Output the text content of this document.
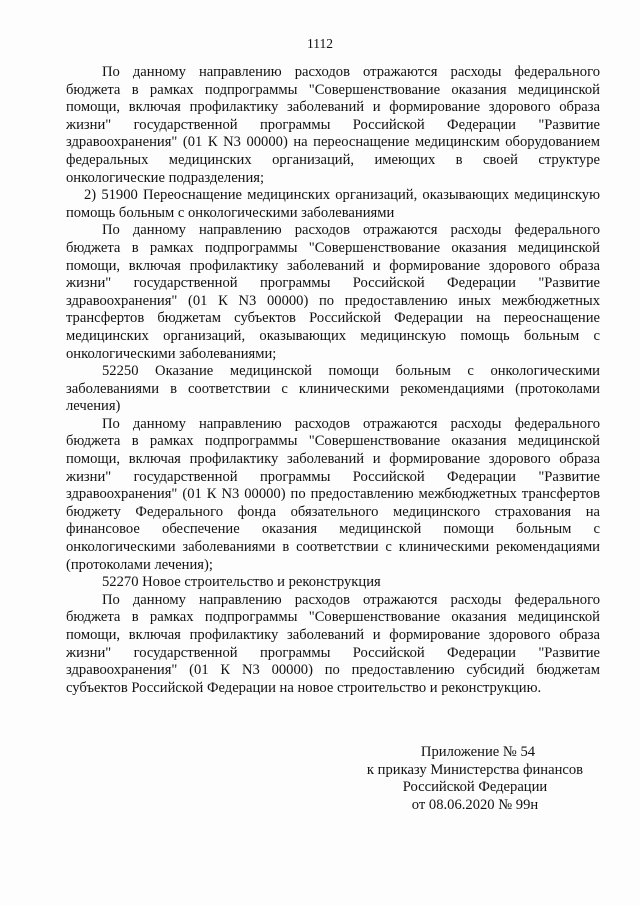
1112

По данному направлению расходов отражаются расходы федерального бюджета в рамках подпрограммы "Совершенствование оказания медицинской помощи, включая профилактику заболеваний и формирование здорового образа жизни" государственной программы Российской Федерации "Развитие здравоохранения" (01 К N3 00000) на переоснащение медицинским оборудованием федеральных медицинских организаций, имеющих в своей структуре онкологические подразделения;

2) 51900 Переоснащение медицинских организаций, оказывающих медицинскую помощь больным с онкологическими заболеваниями

По данному направлению расходов отражаются расходы федерального бюджета в рамках подпрограммы "Совершенствование оказания медицинской помощи, включая профилактику заболеваний и формирование здорового образа жизни" государственной программы Российской Федерации "Развитие здравоохранения" (01 К N3 00000) по предоставлению иных межбюджетных трансфертов бюджетам субъектов Российской Федерации на переоснащение медицинских организаций, оказывающих медицинскую помощь больным с онкологическими заболеваниями;

52250 Оказание медицинской помощи больным с онкологическими заболеваниями в соответствии с клиническими рекомендациями (протоколами лечения)

По данному направлению расходов отражаются расходы федерального бюджета в рамках подпрограммы "Совершенствование оказания медицинской помощи, включая профилактику заболеваний и формирование здорового образа жизни" государственной программы Российской Федерации "Развитие здравоохранения" (01 К N3 00000) по предоставлению межбюджетных трансфертов бюджету Федерального фонда обязательного медицинского страхования на финансовое обеспечение оказания медицинской помощи больным с онкологическими заболеваниями в соответствии с клиническими рекомендациями (протоколами лечения);

52270 Новое строительство и реконструкция

По данному направлению расходов отражаются расходы федерального бюджета в рамках подпрограммы "Совершенствование оказания медицинской помощи, включая профилактику заболеваний и формирование здорового образа жизни" государственной программы Российской Федерации "Развитие здравоохранения" (01 К N3 00000) по предоставлению субсидий бюджетам субъектов Российской Федерации на новое строительство и реконструкцию.

Приложение № 54
к приказу Министерства финансов
Российской Федерации
от 08.06.2020 № 99н
